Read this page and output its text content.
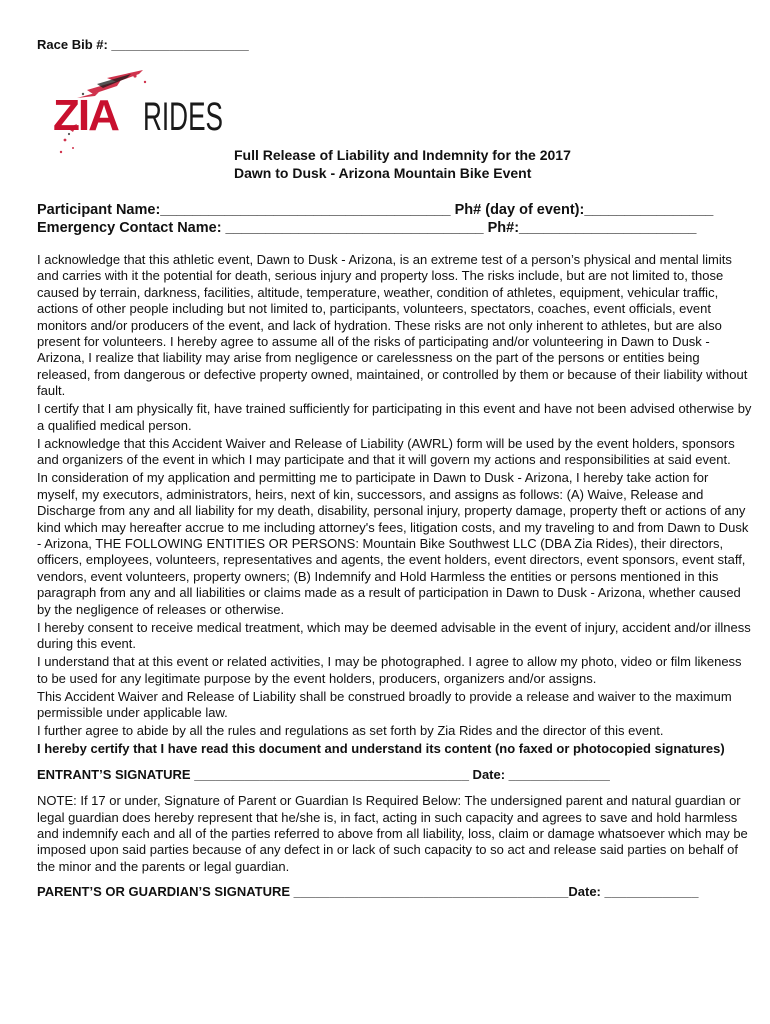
Race Bib #: ___________________
ZIA RIDES
Full Release of Liability and Indemnity for the 2017
Dawn to Dusk - Arizona Mountain Bike Event
Participant Name:____________________________________ Ph# (day of event):________________
Emergency Contact Name: ________________________________ Ph#:______________________

I acknowledge that this athletic event, Dawn to Dusk - Arizona, is an extreme test of a person’s physical and mental limits and carries with it the potential for death, serious injury and property loss. The risks include, but are not limited to, those caused by terrain, darkness, facilities, altitude, temperature, weather, condition of athletes, equipment, vehicular traffic, actions of other people including but not limited to, participants, volunteers, spectators, coaches, event officials, event monitors and/or producers of the event, and lack of hydration. These risks are not only inherent to athletes, but are also present for volunteers. I hereby agree to assume all of the risks of participating and/or volunteering in Dawn to Dusk - Arizona, I realize that liability may arise from negligence or carelessness on the part of the persons or entities being released, from dangerous or defective property owned, maintained, or controlled by them or because of their liability without fault.

I certify that I am physically fit, have trained sufficiently for participating in this event and have not been advised otherwise by a qualified medical person.

I acknowledge that this Accident Waiver and Release of Liability (AWRL) form will be used by the event holders, sponsors and organizers of the event in which I may participate and that it will govern my actions and responsibilities at said event.

In consideration of my application and permitting me to participate in Dawn to Dusk - Arizona, I hereby take action for myself, my executors, administrators, heirs, next of kin, successors, and assigns as follows: (A) Waive, Release and Discharge from any and all liability for my death, disability, personal injury, property damage, property theft or actions of any kind which may hereafter accrue to me including attorney's fees, litigation costs, and my traveling to and from Dawn to Dusk - Arizona, THE FOLLOWING ENTITIES OR PERSONS: Mountain Bike Southwest LLC (DBA Zia Rides), their directors, officers, employees, volunteers, representatives and agents, the event holders, event directors, event sponsors, event staff, vendors, event volunteers, property owners; (B) Indemnify and Hold Harmless the entities or persons mentioned in this paragraph from any and all liabilities or claims made as a result of participation in Dawn to Dusk - Arizona, whether caused by the negligence of releases or otherwise.

I hereby consent to receive medical treatment, which may be deemed advisable in the event of injury, accident and/or illness during this event.

I understand that at this event or related activities, I may be photographed. I agree to allow my photo, video or film likeness to be used for any legitimate purpose by the event holders, producers, organizers and/or assigns.

This Accident Waiver and Release of Liability shall be construed broadly to provide a release and waiver to the maximum permissible under applicable law.

I further agree to abide by all the rules and regulations as set forth by Zia Rides and the director of this event.

I hereby certify that I have read this document and understand its content (no faxed or photocopied signatures)

ENTRANT’S SIGNATURE ______________________________________ Date: ______________

NOTE: If 17 or under, Signature of Parent or Guardian Is Required Below: The undersigned parent and natural guardian or legal guardian does hereby represent that he/she is, in fact, acting in such capacity and agrees to save and hold harmless and indemnify each and all of the parties referred to above from all liability, loss, claim or damage whatsoever which may be imposed upon said parties because of any defect in or lack of such capacity to so act and release said parties on behalf of the minor and the parents or legal guardian.

PARENT’S OR GUARDIAN’S SIGNATURE ______________________________________Date: _____________
